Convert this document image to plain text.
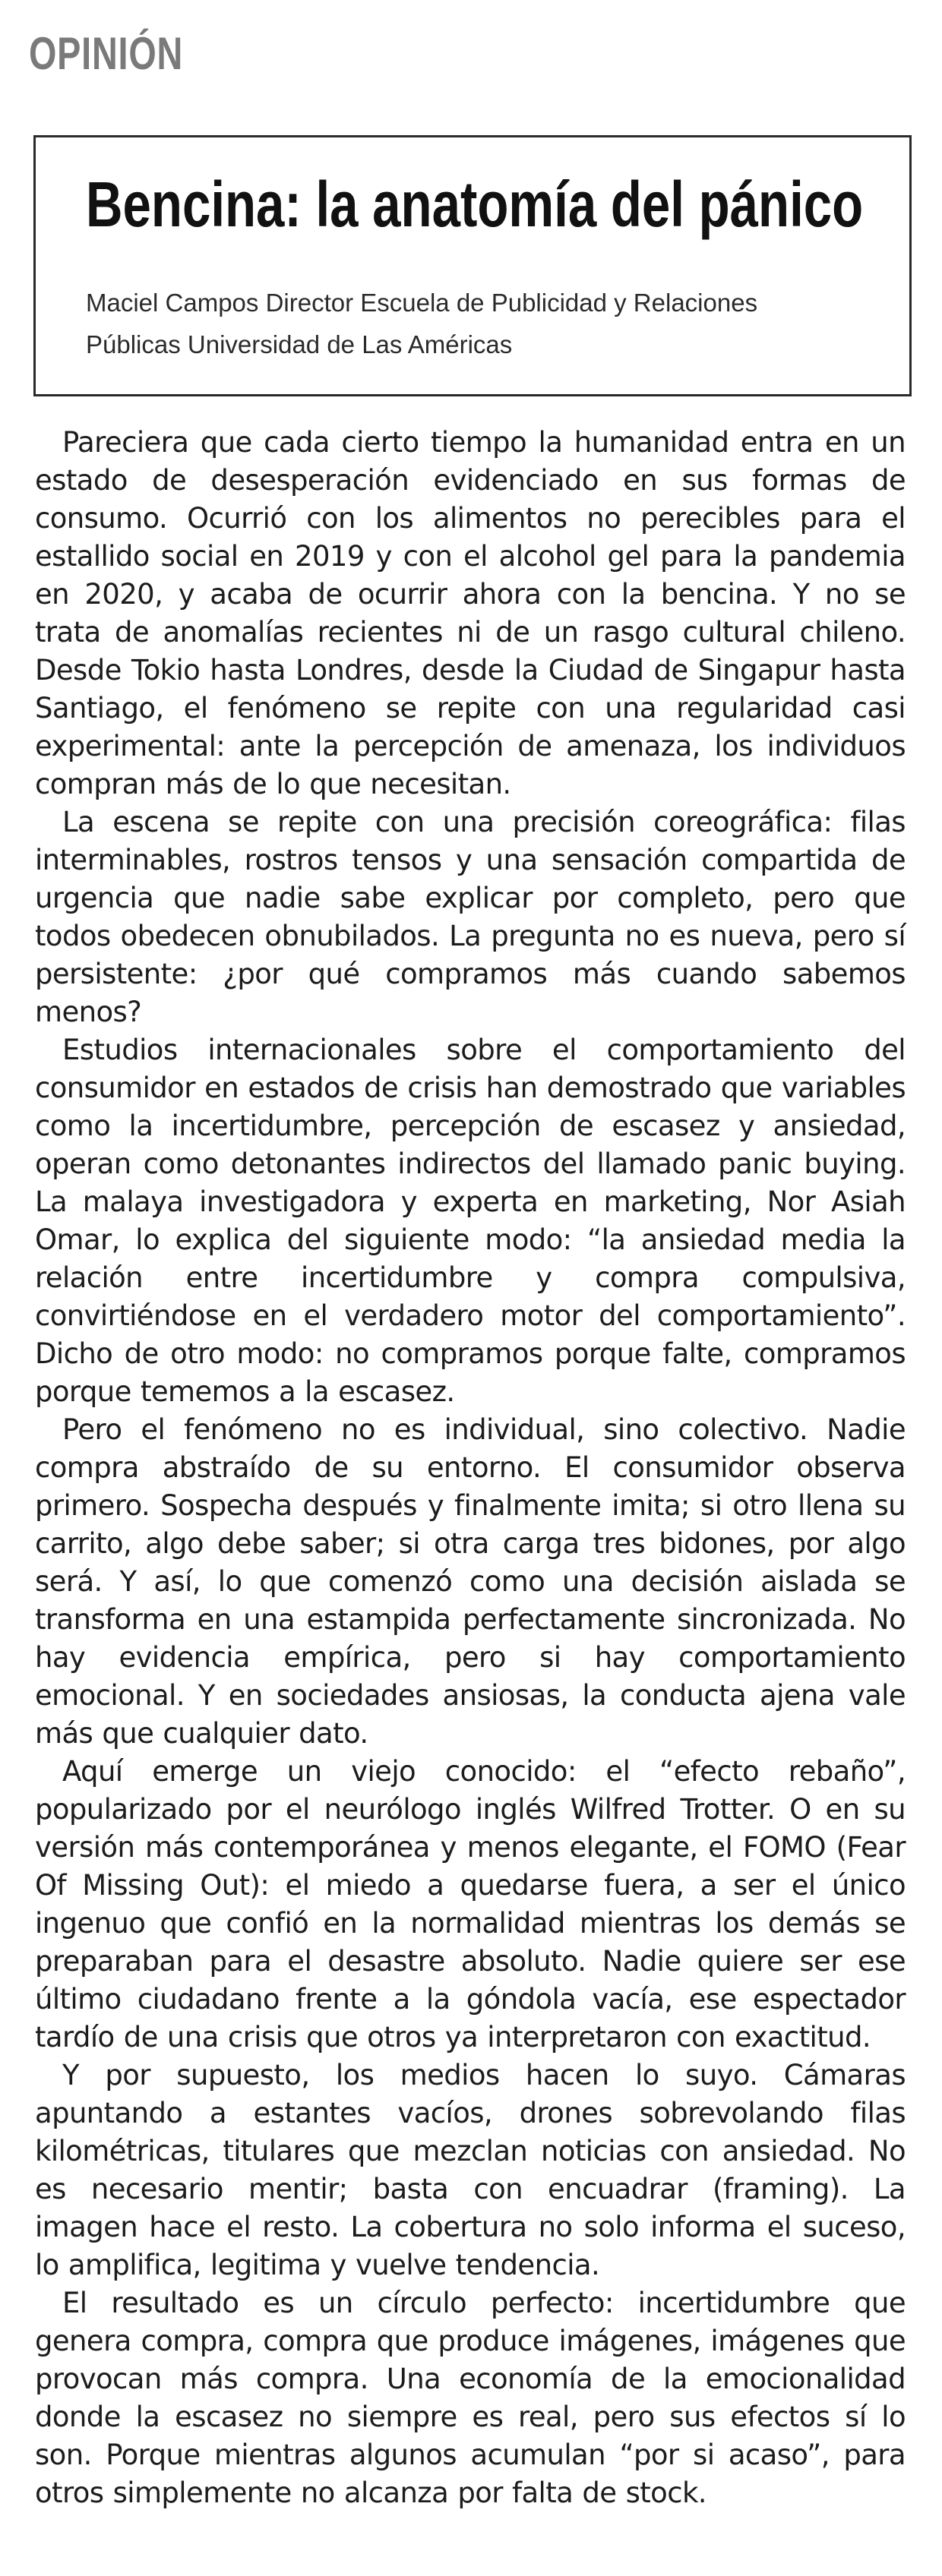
OPINIÓN
Bencina: la anatomía del pánico
Maciel Campos Director Escuela de Publicidad y Relaciones Públicas Universidad de Las Américas

Pareciera que cada cierto tiempo la humanidad entra en un estado de desesperación evidenciado en sus formas de consumo. Ocurrió con los alimentos no perecibles para el estallido social en 2019 y con el alcohol gel para la pandemia en 2020, y acaba de ocurrir ahora con la bencina. Y no se trata de anomalías recientes ni de un rasgo cultural chileno. Desde Tokio hasta Londres, desde la Ciudad de Singapur hasta Santiago, el fenómeno se repite con una regularidad casi experimental: ante la percepción de amenaza, los individuos compran más de lo que necesitan.

La escena se repite con una precisión coreográfica: filas interminables, rostros tensos y una sensación compartida de urgencia que nadie sabe explicar por completo, pero que todos obedecen obnubilados. La pregunta no es nueva, pero sí persistente: ¿por qué compramos más cuando sabemos menos?

Estudios internacionales sobre el comportamiento del consumidor en estados de crisis han demostrado que variables como la incertidumbre, percepción de escasez y ansiedad, operan como detonantes indirectos del llamado panic buying. La malaya investigadora y experta en marketing, Nor Asiah Omar, lo explica del siguiente modo: “la ansiedad media la relación entre incertidumbre y compra compulsiva, convirtiéndose en el verdadero motor del comportamiento”. Dicho de otro modo: no compramos porque falte, compramos porque tememos a la escasez.

Pero el fenómeno no es individual, sino colectivo. Nadie compra abstraído de su entorno. El consumidor observa primero. Sospecha después y finalmente imita; si otro llena su carrito, algo debe saber; si otra carga tres bidones, por algo será. Y así, lo que comenzó como una decisión aislada se transforma en una estampida perfectamente sincronizada. No hay evidencia empírica, pero si hay comportamiento emocional. Y en sociedades ansiosas, la conducta ajena vale más que cualquier dato.

Aquí emerge un viejo conocido: el “efecto rebaño”, popularizado por el neurólogo inglés Wilfred Trotter. O en su versión más contemporánea y menos elegante, el FOMO (Fear Of Missing Out): el miedo a quedarse fuera, a ser el único ingenuo que confió en la normalidad mientras los demás se preparaban para el desastre absoluto. Nadie quiere ser ese último ciudadano frente a la góndola vacía, ese espectador tardío de una crisis que otros ya interpretaron con exactitud.

Y por supuesto, los medios hacen lo suyo. Cámaras apuntando a estantes vacíos, drones sobrevolando filas kilométricas, titulares que mezclan noticias con ansiedad. No es necesario mentir; basta con encuadrar (framing). La imagen hace el resto. La cobertura no solo informa el suceso, lo amplifica, legitima y vuelve tendencia.

El resultado es un círculo perfecto: incertidumbre que genera compra, compra que produce imágenes, imágenes que provocan más compra. Una economía de la emocionalidad donde la escasez no siempre es real, pero sus efectos sí lo son. Porque mientras algunos acumulan “por si acaso”, para otros simplemente no alcanza por falta de stock.
